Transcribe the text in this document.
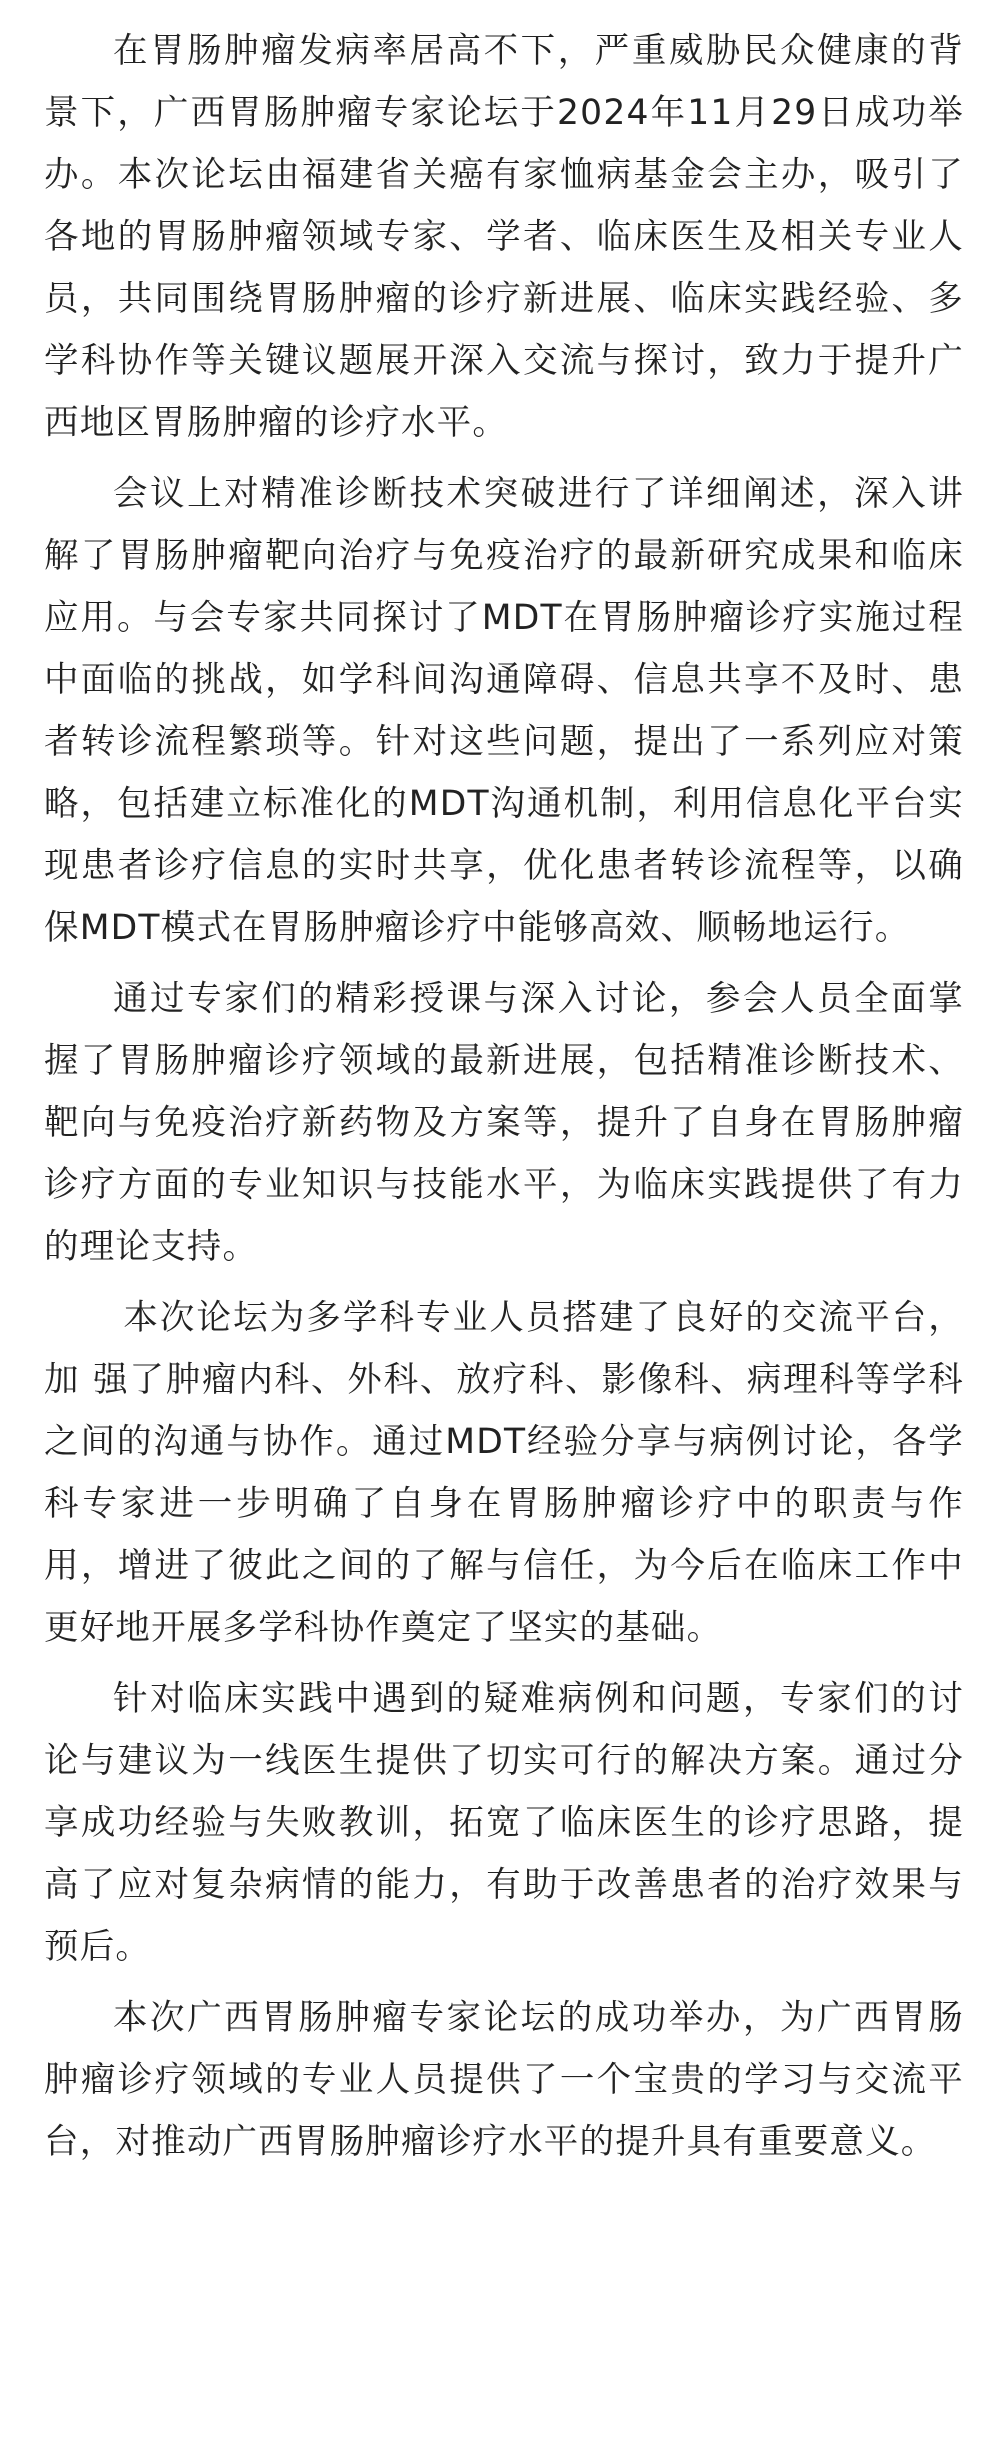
在胃肠肿瘤发病率居高不下，严重威胁民众健康的背景下，广西胃肠肿瘤专家论坛于2024年11月29日成功举办。本次论坛由福建省关癌有家恤病基金会主办，吸引了各地的胃肠肿瘤领域专家、学者、临床医生及相关专业人员，共同围绕胃肠肿瘤的诊疗新进展、临床实践经验、多学科协作等关键议题展开深入交流与探讨，致力于提升广西地区胃肠肿瘤的诊疗水平。

会议上对精准诊断技术突破进行了详细阐述，深入讲解了胃肠肿瘤靶向治疗与免疫治疗的最新研究成果和临床应用。与会专家共同探讨了MDT在胃肠肿瘤诊疗实施过程中面临的挑战，如学科间沟通障碍、信息共享不及时、患者转诊流程繁琐等。针对这些问题，提出了一系列应对策略，包括建立标准化的MDT沟通机制，利用信息化平台实现患者诊疗信息的实时共享，优化患者转诊流程等，以确保MDT模式在胃肠肿瘤诊疗中能够高效、顺畅地运行。

通过专家们的精彩授课与深入讨论，参会人员全面掌握了胃肠肿瘤诊疗领域的最新进展，包括精准诊断技术、靶向与免疫治疗新药物及方案等，提升了自身在胃肠肿瘤诊疗方面的专业知识与技能水平，为临床实践提供了有力的理论支持。

本次论坛为多学科专业人员搭建了良好的交流平台，加 强了肿瘤内科、外科、放疗科、影像科、病理科等学科之间的沟通与协作。通过MDT经验分享与病例讨论，各学科专家进一步明确了自身在胃肠肿瘤诊疗中的职责与作用，增进了彼此之间的了解与信任，为今后在临床工作中更好地开展多学科协作奠定了坚实的基础。

针对临床实践中遇到的疑难病例和问题，专家们的讨论与建议为一线医生提供了切实可行的解决方案。通过分享成功经验与失败教训，拓宽了临床医生的诊疗思路，提高了应对复杂病情的能力，有助于改善患者的治疗效果与预后。

本次广西胃肠肿瘤专家论坛的成功举办，为广西胃肠肿瘤诊疗领域的专业人员提供了一个宝贵的学习与交流平台，对推动广西胃肠肿瘤诊疗水平的提升具有重要意义。
